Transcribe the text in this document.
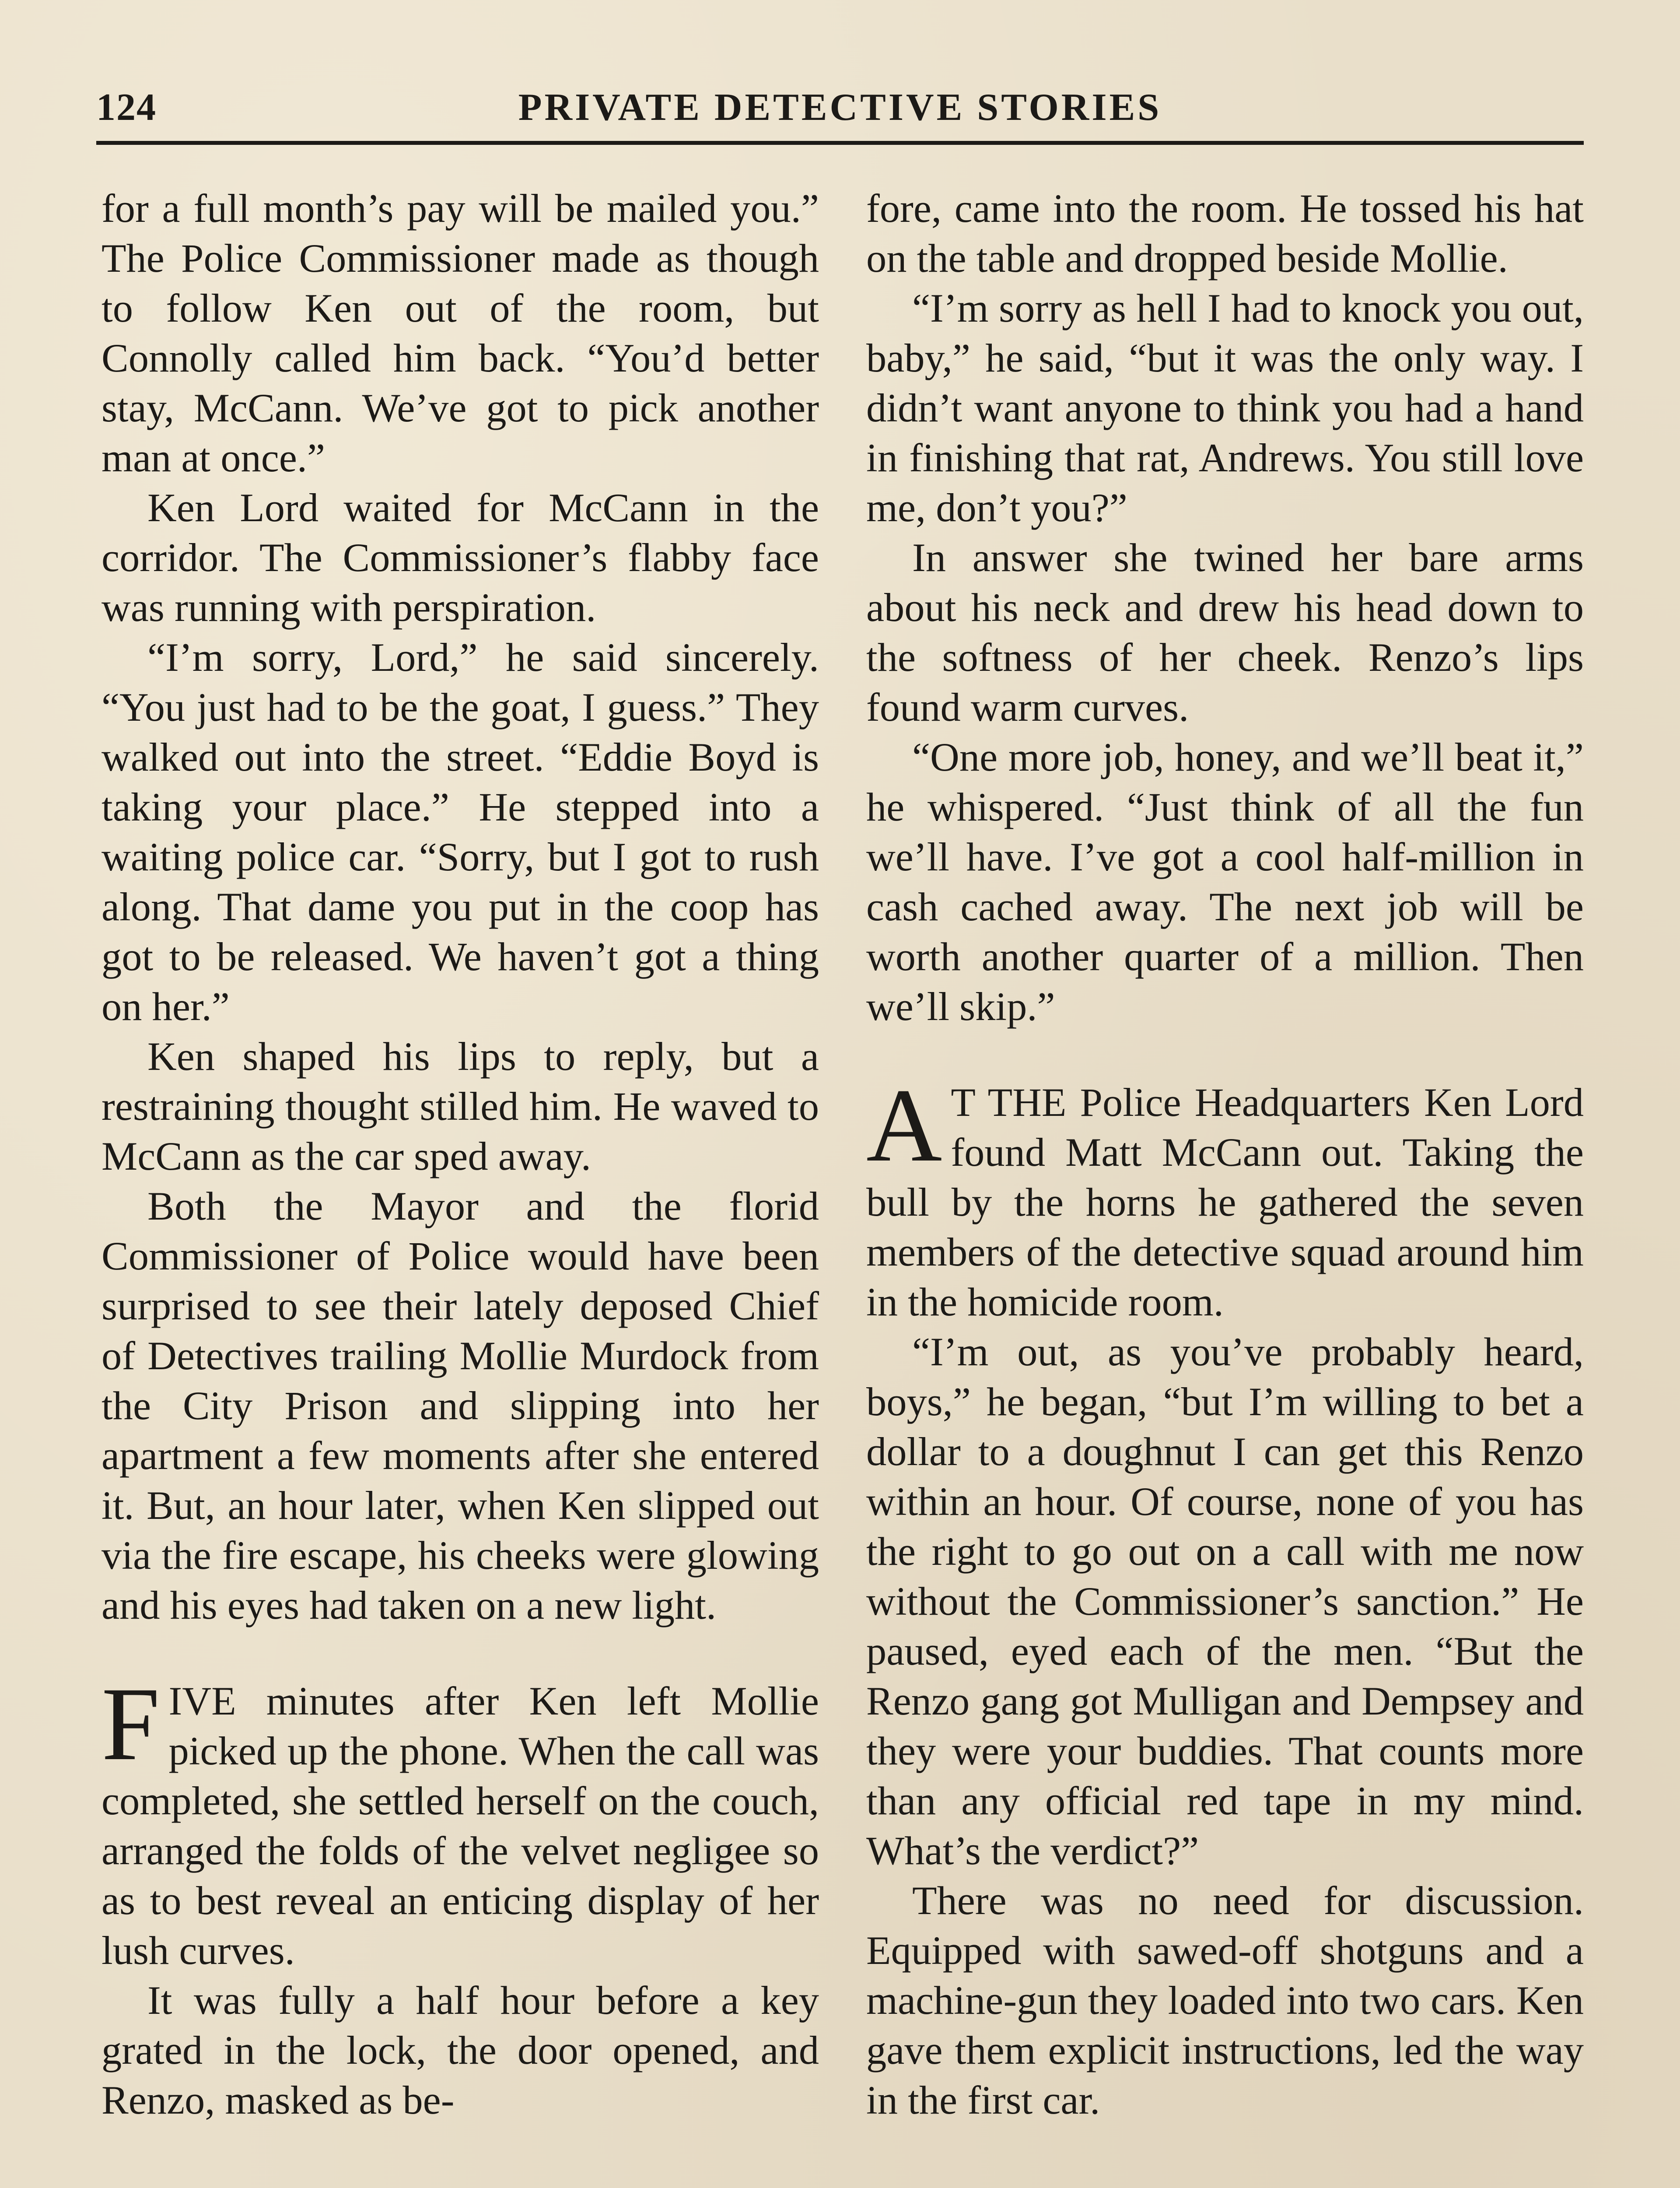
124	PRIVATE DETECTIVE STORIES

for a full month’s pay will be mailed you.” The Police Commissioner made as though to follow Ken out of the room, but Connolly called him back. “You’d better stay, McCann. We’ve got to pick another man at once.”

Ken Lord waited for McCann in the corridor. The Commissioner’s flabby face was running with perspiration.

“I’m sorry, Lord,” he said sincerely. “You just had to be the goat, I guess.” They walked out into the street. “Eddie Boyd is taking your place.” He stepped into a waiting police car. “Sorry, but I got to rush along. That dame you put in the coop has got to be released. We haven’t got a thing on her.”

Ken shaped his lips to reply, but a restraining thought stilled him. He waved to McCann as the car sped away.

Both the Mayor and the florid Commissioner of Police would have been surprised to see their lately deposed Chief of Detectives trailing Mollie Murdock from the City Prison and slipping into her apartment a few moments after she entered it. But, an hour later, when Ken slipped out via the fire escape, his cheeks were glowing and his eyes had taken on a new light.

FIVE minutes after Ken left Mollie picked up the phone. When the call was completed, she settled herself on the couch, arranged the folds of the velvet negligee so as to best reveal an enticing display of her lush curves.

It was fully a half hour before a key grated in the lock, the door opened, and Renzo, masked as be-

fore, came into the room. He tossed his hat on the table and dropped beside Mollie.

“I’m sorry as hell I had to knock you out, baby,” he said, “but it was the only way. I didn’t want anyone to think you had a hand in finishing that rat, Andrews. You still love me, don’t you?”

In answer she twined her bare arms about his neck and drew his head down to the softness of her cheek. Renzo’s lips found warm curves.

“One more job, honey, and we’ll beat it,” he whispered. “Just think of all the fun we’ll have. I’ve got a cool half-million in cash cached away. The next job will be worth another quarter of a million. Then we’ll skip.”

A T THE Police Headquarters Ken Lord found Matt McCann out. Taking the bull by the horns he gathered the seven members of the detective squad around him in the homicide room.

“I’m out, as you’ve probably heard, boys,” he began, “but I’m willing to bet a dollar to a doughnut I can get this Renzo within an hour. Of course, none of you has the right to go out on a call with me now without the Commissioner’s sanction.” He paused, eyed each of the men. “But the Renzo gang got Mulligan and Dempsey and they were your buddies. That counts more than any official red tape in my mind. What’s the verdict?”

There was no need for discussion. Equipped with sawed-off shotguns and a machine-gun they loaded into two cars. Ken gave them explicit instructions, led the way in the first car.
